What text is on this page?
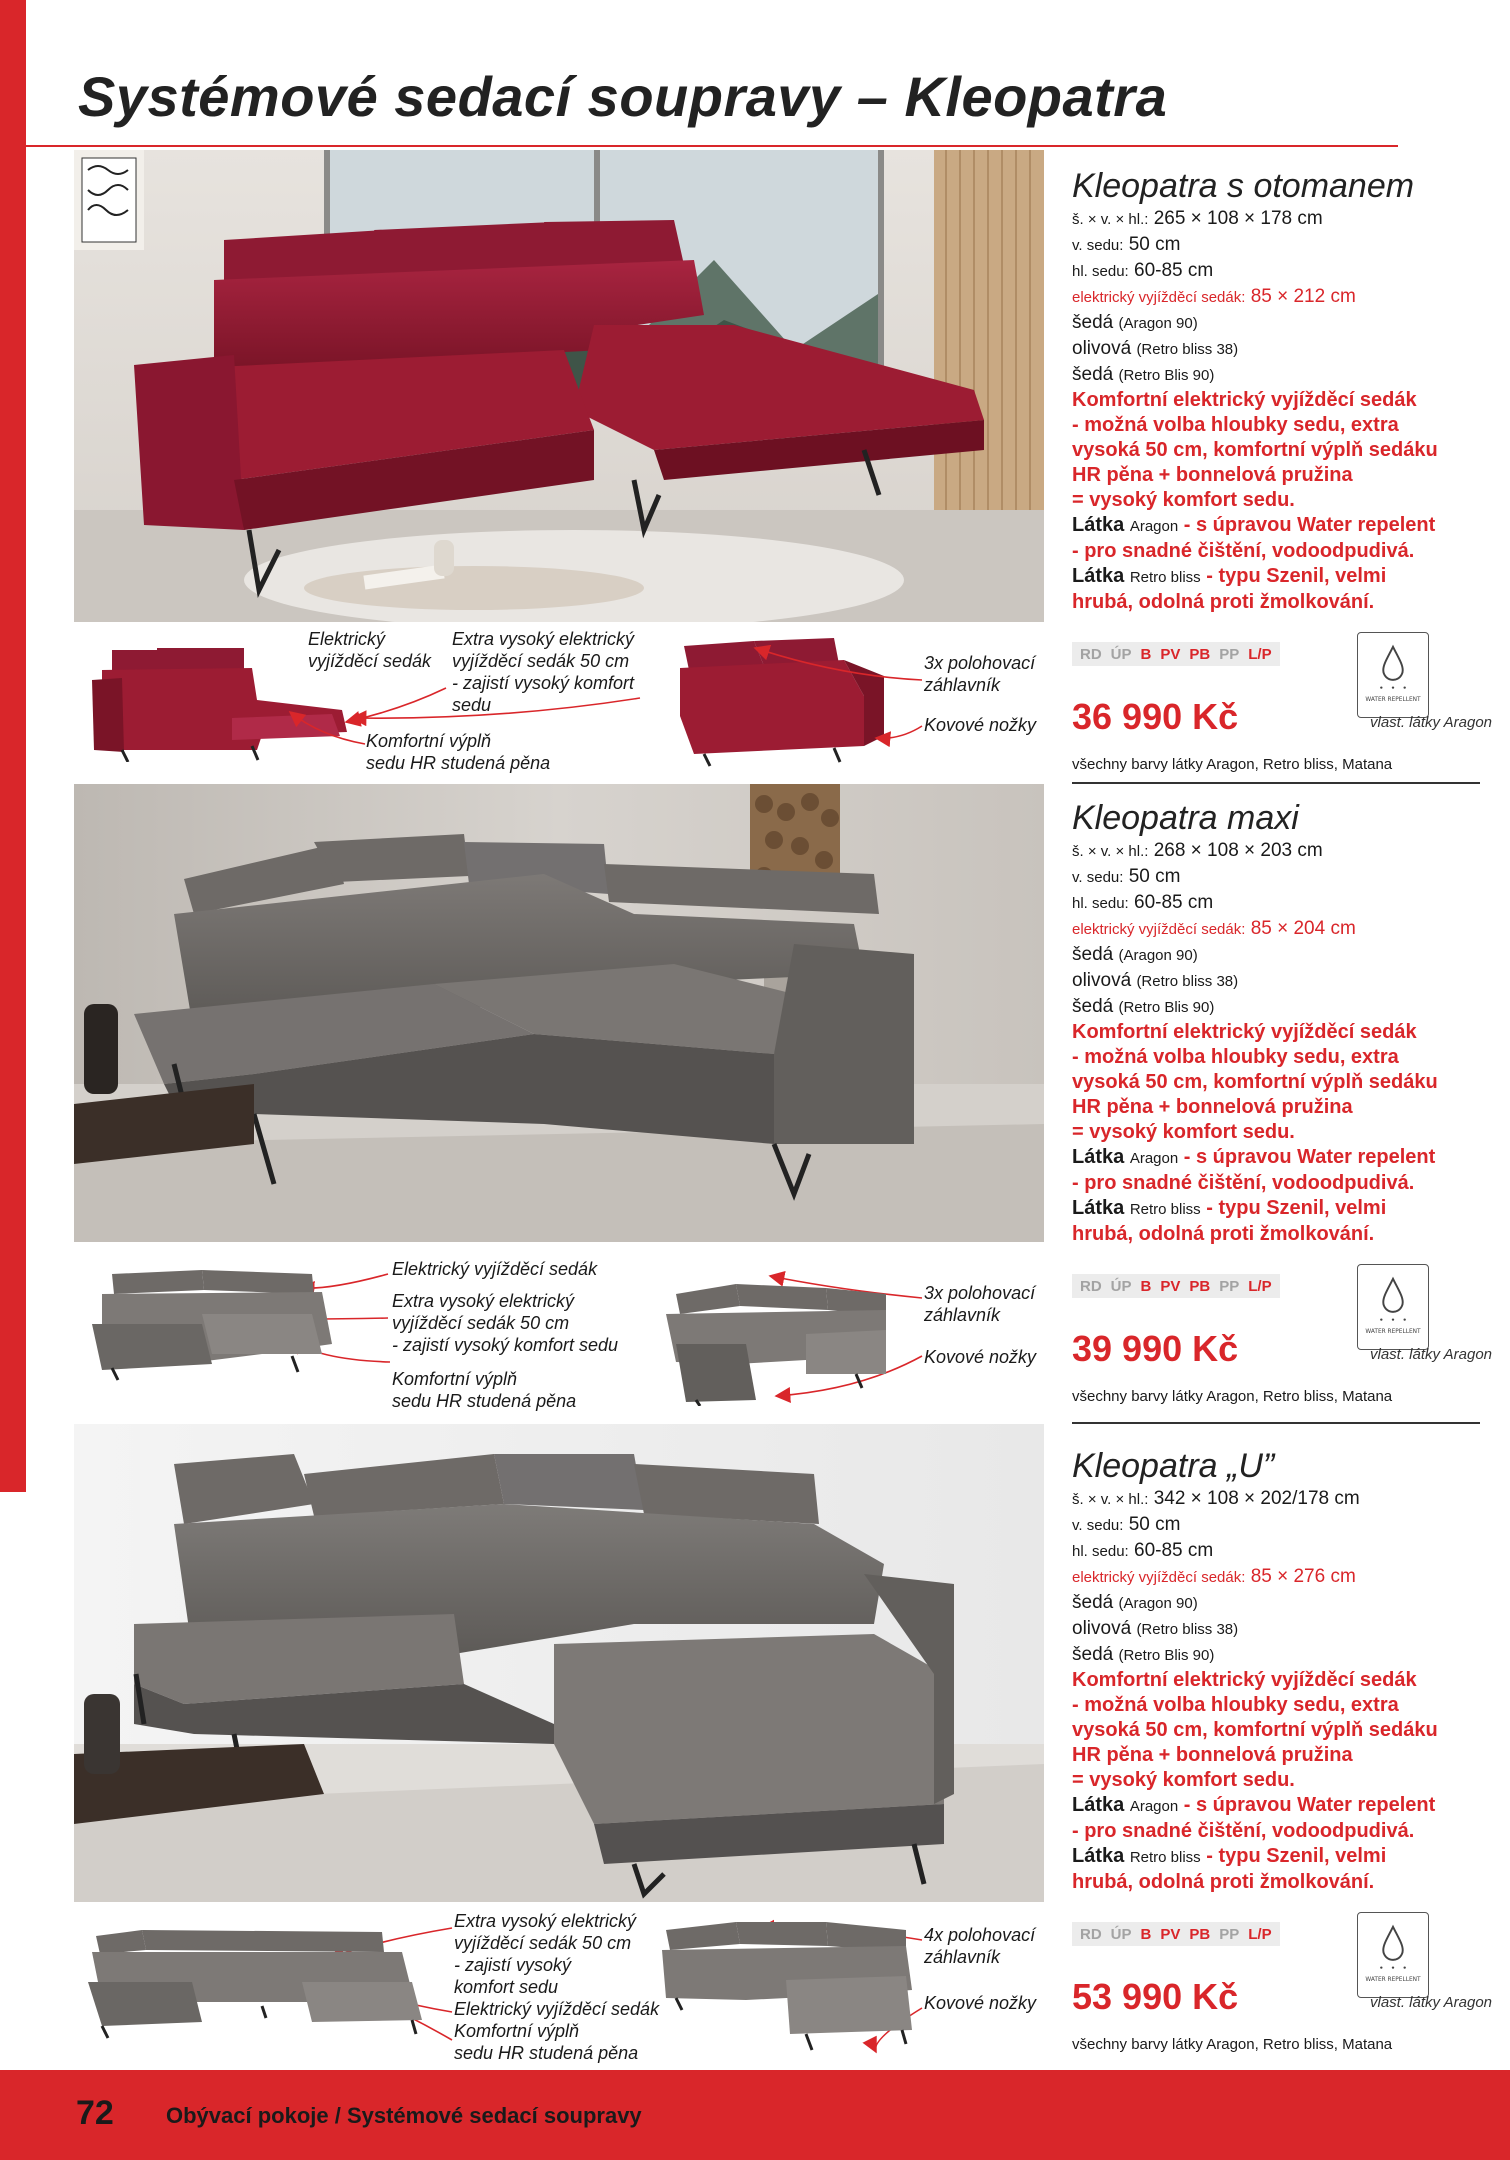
Systémové sedací soupravy – Kleopatra
Elektrický
vyjížděcí sedák
Extra vysoký elektrický
vyjížděcí sedák 50 cm
- zajistí vysoký komfort
sedu
Komfortní výplň
sedu HR studená pěna
3x polohovací
záhlavník
Kovové nožky
Kleopatra s otomanem
š. × v. × hl.: 265 × 108 × 178 cm
v. sedu: 50 cm
hl. sedu: 60-85 cm
elektrický vyjížděcí sedák: 85 × 212 cm
šedá (Aragon 90)
olivová (Retro bliss 38)
šedá (Retro Blis 90)
Komfortní elektrický vyjížděcí sedák
- možná volba hloubky sedu, extra
vysoká 50 cm, komfortní výplň sedáku
HR pěna + bonnelová pružina
= vysoký komfort sedu.
Látka Aragon - s úpravou Water repelent
- pro snadné čištění, vodoodpudivá.
Látka Retro bliss - typu Szenil, velmi
hrubá, odolná proti žmolkování.
RD ÚP B PV PB PP L/P
WATER REPELLENT
36 990 Kč	vlast. látky Aragon
všechny barvy látky Aragon, Retro bliss, Matana
Elektrický vyjížděcí sedák
Extra vysoký elektrický
vyjížděcí sedák 50 cm
- zajistí vysoký komfort sedu
Komfortní výplň
sedu HR studená pěna
3x polohovací
záhlavník
Kovové nožky
Kleopatra maxi
š. × v. × hl.: 268 × 108 × 203 cm
v. sedu: 50 cm
hl. sedu: 60-85 cm
elektrický vyjížděcí sedák: 85 × 204 cm
šedá (Aragon 90)
olivová (Retro bliss 38)
šedá (Retro Blis 90)
Komfortní elektrický vyjížděcí sedák
- možná volba hloubky sedu, extra
vysoká 50 cm, komfortní výplň sedáku
HR pěna + bonnelová pružina
= vysoký komfort sedu.
Látka Aragon - s úpravou Water repelent
- pro snadné čištění, vodoodpudivá.
Látka Retro bliss - typu Szenil, velmi
hrubá, odolná proti žmolkování.
RD ÚP B PV PB PP L/P
WATER REPELLENT
39 990 Kč	vlast. látky Aragon
všechny barvy látky Aragon, Retro bliss, Matana
Extra vysoký elektrický
vyjížděcí sedák 50 cm
- zajistí vysoký
komfort sedu
Elektrický vyjížděcí sedák
Komfortní výplň
sedu HR studená pěna
4x polohovací
záhlavník
Kovové nožky
Kleopatra „U”
š. × v. × hl.: 342 × 108 × 202/178 cm
v. sedu: 50 cm
hl. sedu: 60-85 cm
elektrický vyjížděcí sedák: 85 × 276 cm
šedá (Aragon 90)
olivová (Retro bliss 38)
šedá (Retro Blis 90)
Komfortní elektrický vyjížděcí sedák
- možná volba hloubky sedu, extra
vysoká 50 cm, komfortní výplň sedáku
HR pěna + bonnelová pružina
= vysoký komfort sedu.
Látka Aragon - s úpravou Water repelent
- pro snadné čištění, vodoodpudivá.
Látka Retro bliss - typu Szenil, velmi
hrubá, odolná proti žmolkování.
RD ÚP B PV PB PP L/P
WATER REPELLENT
53 990 Kč	vlast. látky Aragon
všechny barvy látky Aragon, Retro bliss, Matana
72 Obývací pokoje / Systémové sedací soupravy
